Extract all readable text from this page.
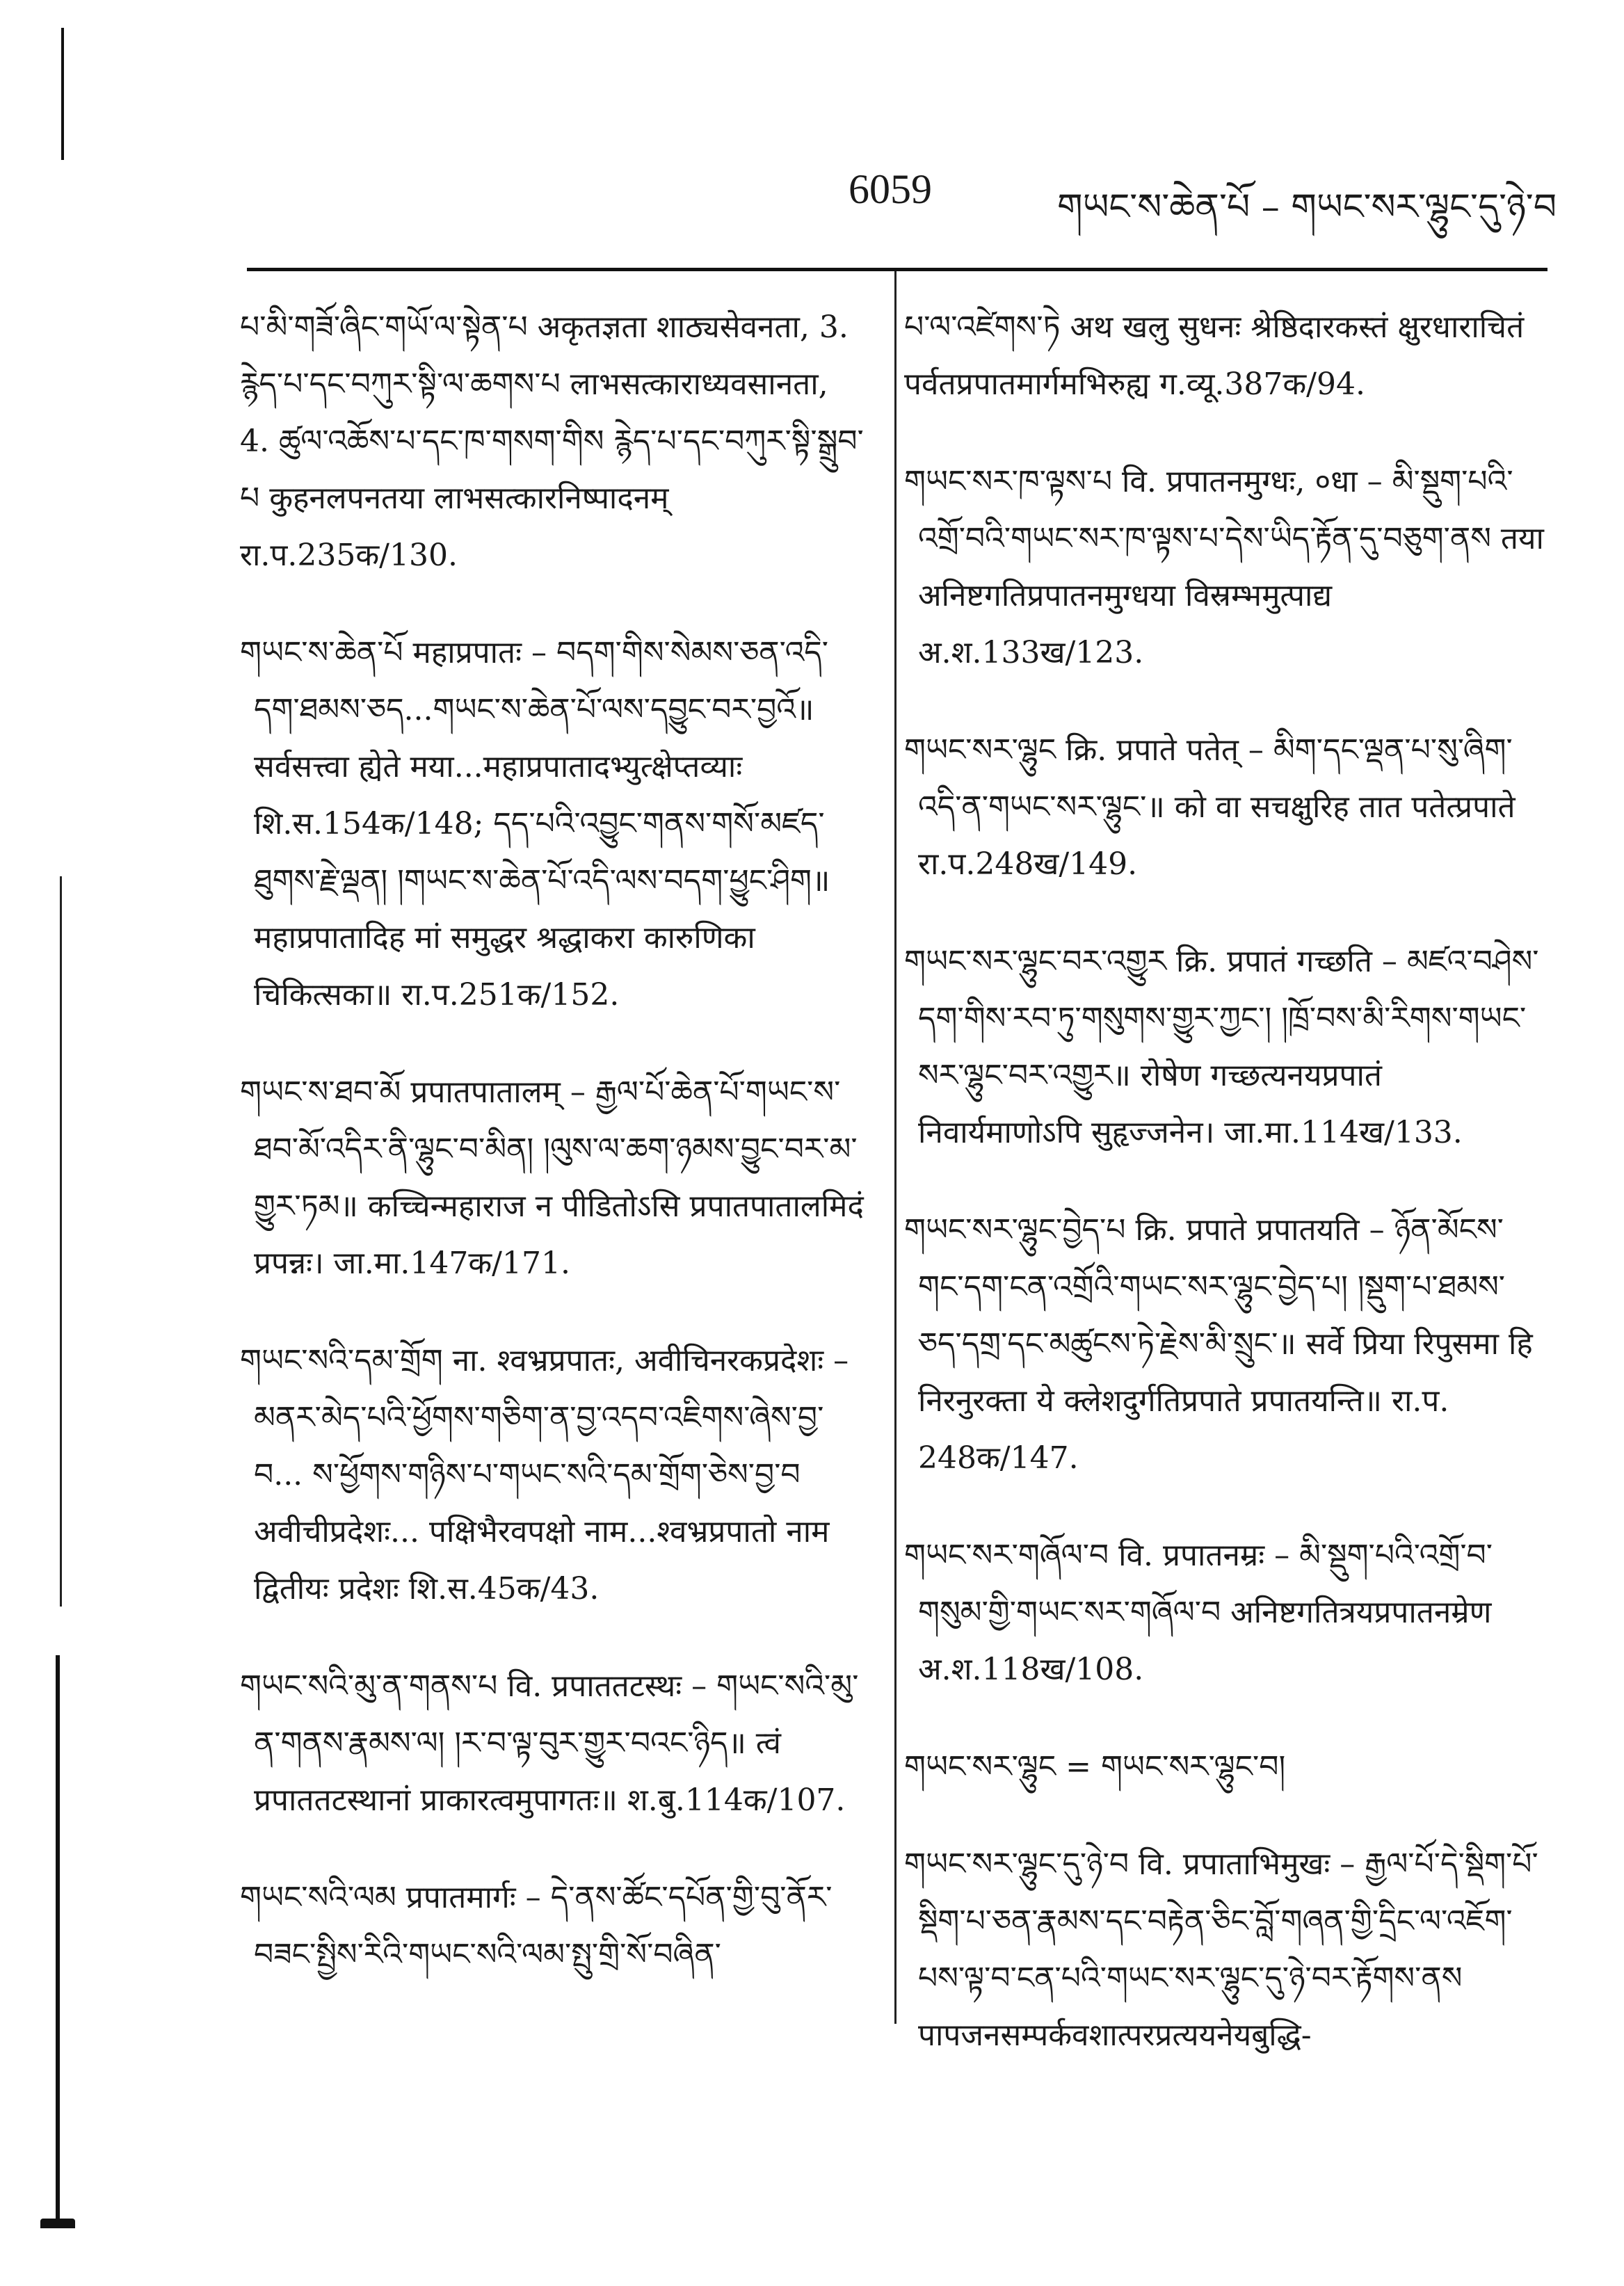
6059	གཡང་ས་ཆེན་པོ – གཡང་སར་ལྷུང་དུ་ཉེ་བ
པ་མི་གཟོ་ཞིང་གཡོ་ལ་སྟེན་པ अकृतज्ञता शाठ्यसेवनता, 3. རྙེད་པ་དང་བཀུར་སྟི་ལ་ཆགས་པ लाभसत्काराध्यवसानता, 4. ཚུལ་འཆོས་པ་དང་ཁ་གསག་གིས རྙེད་པ་དང་བཀུར་སྟི་སྒྲུབ་པ कुहनलपनतया लाभसत्कारनिष्पादनम् रा.प.235क/130.
གཡང་ས་ཆེན་པོ महाप्रपातः – བདག་གིས་སེམས་ཅན་འདི་དག་ཐམས་ཅད...གཡང་ས་ཆེན་པོ་ལས་དབྱུང་བར་བྱའོ॥ सर्वसत्त्वा ह्येते मया...महाप्रपातादभ्युत्क्षेप्तव्याः शि.स.154क/148; དད་པའི་འབྱུང་གནས་གསོ་མཛད་ཐུགས་རྗེ་ལྡན། །གཡང་ས་ཆེན་པོ་འདི་ལས་བདག་ཕྱུང་ཤིག॥ महाप्रपातादिह मां समुद्धर श्रद्धाकरा कारुणिका चिकित्सका॥ रा.प.251क/152.
གཡང་ས་ཐབ་མོ प्रपातपातालम् – རྒྱལ་པོ་ཆེན་པོ་གཡང་ས་ཐབ་མོ་འདིར་ནི་ལྷུང་བ་མིན། །ལུས་ལ་ཆག་ཉམས་བྱུང་བར་མ་གྱུར་ཏམ॥ कच्चिन्महाराज न पीडितोऽसि प्रपातपातालमिदं प्रपन्नः। जा.मा.147क/171.
གཡང་སའི་དམ་གྲོག ना. श्वभ्रप्रपातः, अवीचिनरकप्रदेशः – མནར་མེད་པའི་ཕྱོགས་གཅིག་ན་བྱ་འདབ་འཇིགས་ཞེས་བྱ་བ... ས་ཕྱོགས་གཉིས་པ་གཡང་སའི་དམ་གྲོག་ཅེས་བྱ་བ अवीचीप्रदेशः... पक्षिभैरवपक्षो नाम...श्वभ्रप्रपातो नाम द्वितीयः प्रदेशः शि.स.45क/43.
གཡང་སའི་མུ་ན་གནས་པ वि. प्रपाततटस्थः – གཡང་སའི་མུ་ན་གནས་རྣམས་ལ། །ར་བ་ལྟ་བུར་གྱུར་བའང་ཉིད॥ त्वं प्रपाततटस्थानां प्राकारत्वमुपागतः॥ श.बु.114क/107.
གཡང་སའི་ལམ प्रपातमार्गः – དེ་ནས་ཚོང་དཔོན་གྱི་བུ་ནོར་བཟང་སྤྱིས་རིའི་གཡང་སའི་ལམ་སྤུ་གྲི་སོ་བཞིན་
པ་ལ་འཛེགས་ཏེ अथ खलु सुधनः श्रेष्ठिदारकस्तं क्षुरधाराचितं पर्वतप्रपातमार्गमभिरुह्य ग.व्यू.387क/94.
གཡང་སར་ཁ་ལྟས་པ वि. प्रपातनमुग्धः, ०धा – མི་སྡུག་པའི་འགྲོ་བའི་གཡང་སར་ཁ་ལྟས་པ་དེས་ཡིད་རྟོན་དུ་བཅུག་ནས तया अनिष्टगतिप्रपातनमुग्धया विस्रम्भमुत्पाद्य अ.श.133ख/123.
གཡང་སར་ལྷུང क्रि. प्रपाते पतेत् – མིག་དང་ལྡན་པ་སུ་ཞིག་འདི་ན་གཡང་སར་ལྷུང་॥ को वा सचक्षुरिह तात पतेत्प्रपाते रा.प.248ख/149.
གཡང་སར་ལྷུང་བར་འགྱུར क्रि. प्रपातं गच्छति – མཛའ་བཤེས་དག་གིས་རབ་ཏུ་གསུགས་གྱུར་ཀྱང་། །ཁྲོ་བས་མི་རིགས་གཡང་སར་ལྷུང་བར་འགྱུར॥ रोषेण गच्छत्यनयप्रपातं निवार्यमाणोऽपि सुहृज्जनेन। जा.मा.114ख/133.
གཡང་སར་ལྷུང་བྱེད་པ क्रि. प्रपाते प्रपातयति – ཉོན་མོངས་གང་དག་ངན་འགྲོའི་གཡང་སར་ལྷུང་བྱེད་པ། །སྡུག་པ་ཐམས་ཅད་དགྲ་དང་མཚུངས་ཏེ་རྗེས་མི་སྲུང་॥ सर्वे प्रिया रिपुसमा हि निरनुरक्ता ये क्लेशदुर्गतिप्रपाते प्रपातयन्ति॥ रा.प. 248क/147.
གཡང་སར་གཞོལ་བ वि. प्रपातनम्रः – མི་སྡུག་པའི་འགྲོ་བ་གསུམ་གྱི་གཡང་སར་གཞོལ་བ अनिष्टगतित्रयप्रपातनम्रेण अ.श.118ख/108.
གཡང་སར་ལྷུང = གཡང་སར་ལྷུང་བ།
གཡང་སར་ལྷུང་དུ་ཉེ་བ वि. प्रपाताभिमुखः – རྒྱལ་པོ་དེ་སྡིག་པོ་སྡིག་པ་ཅན་རྣམས་དང་བརྟེན་ཅིང་བློ་གཞན་གྱི་དྲིང་ལ་འཇོག་པས་ལྟ་བ་ངན་པའི་གཡང་སར་ལྷུང་དུ་ཉེ་བར་རྟོགས་ནས पापजनसम्पर्कवशात्परप्रत्ययनेयबुद्धि-
